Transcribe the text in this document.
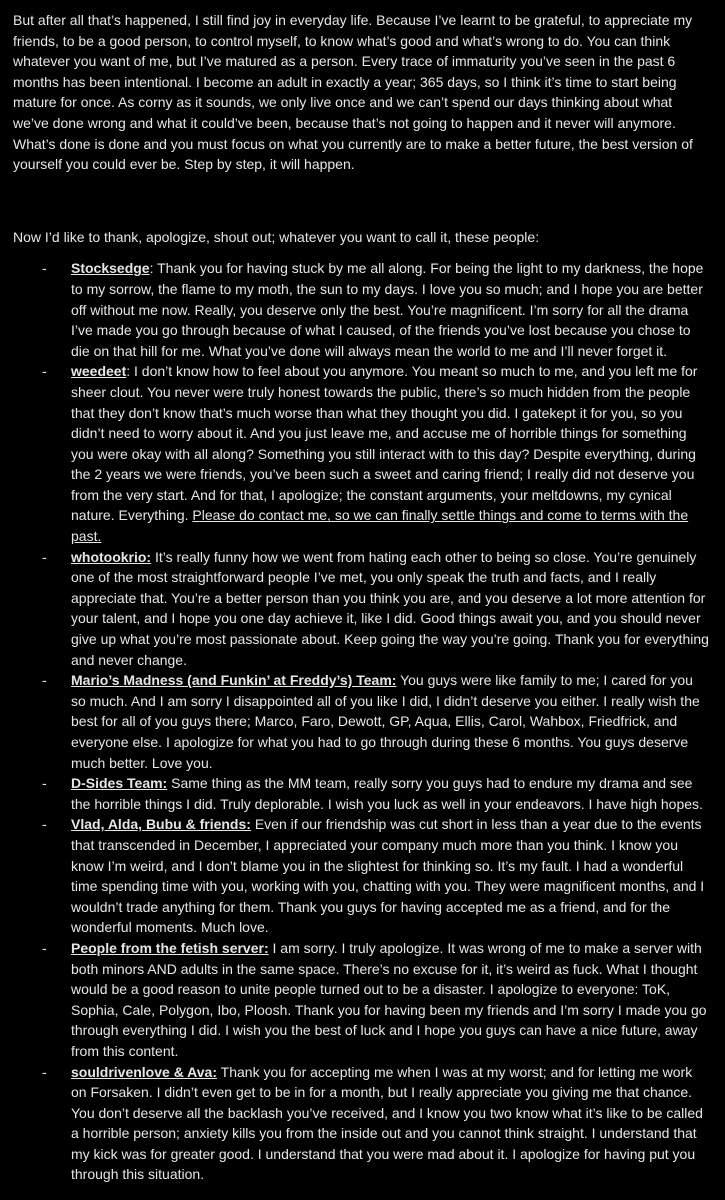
But after all that’s happened, I still find joy in everyday life. Because I’ve learnt to be grateful, to appreciate my friends, to be a good person, to control myself, to know what’s good and what’s wrong to do. You can think whatever you want of me, but I’ve matured as a person. Every trace of immaturity you’ve seen in the past 6 months has been intentional. I become an adult in exactly a year; 365 days, so I think it’s time to start being mature for once. As corny as it sounds, we only live once and we can’t spend our days thinking about what we’ve done wrong and what it could’ve been, because that’s not going to happen and it never will anymore. What’s done is done and you must focus on what you currently are to make a better future, the best version of yourself you could ever be. Step by step, it will happen.

Now I’d like to thank, apologize, shout out; whatever you want to call it, these people:

- Stocksedge: Thank you for having stuck by me all along. For being the light to my darkness, the hope to my sorrow, the flame to my moth, the sun to my days. I love you so much; and I hope you are better off without me now. Really, you deserve only the best. You’re magnificent. I’m sorry for all the drama I’ve made you go through because of what I caused, of the friends you’ve lost because you chose to die on that hill for me. What you’ve done will always mean the world to me and I’ll never forget it.
- weedeet: I don’t know how to feel about you anymore. You meant so much to me, and you left me for sheer clout. You never were truly honest towards the public, there’s so much hidden from the people that they don’t know that’s much worse than what they thought you did. I gatekept it for you, so you didn’t need to worry about it. And you just leave me, and accuse me of horrible things for something you were okay with all along? Something you still interact with to this day? Despite everything, during the 2 years we were friends, you’ve been such a sweet and caring friend; I really did not deserve you from the very start. And for that, I apologize; the constant arguments, your meltdowns, my cynical nature. Everything. Please do contact me, so we can finally settle things and come to terms with the past.
- whotookrio: It’s really funny how we went from hating each other to being so close. You’re genuinely one of the most straightforward people I’ve met, you only speak the truth and facts, and I really appreciate that. You’re a better person than you think you are, and you deserve a lot more attention for your talent, and I hope you one day achieve it, like I did. Good things await you, and you should never give up what you’re most passionate about. Keep going the way you’re going. Thank you for everything and never change.
- Mario’s Madness (and Funkin’ at Freddy’s) Team: You guys were like family to me; I cared for you so much. And I am sorry I disappointed all of you like I did, I didn’t deserve you either. I really wish the best for all of you guys there; Marco, Faro, Dewott, GP, Aqua, Ellis, Carol, Wahbox, Friedfrick, and everyone else. I apologize for what you had to go through during these 6 months. You guys deserve much better. Love you.
- D-Sides Team: Same thing as the MM team, really sorry you guys had to endure my drama and see the horrible things I did. Truly deplorable. I wish you luck as well in your endeavors. I have high hopes.
- Vlad, Alda, Bubu & friends: Even if our friendship was cut short in less than a year due to the events that transcended in December, I appreciated your company much more than you think. I know you know I’m weird, and I don’t blame you in the slightest for thinking so. It’s my fault. I had a wonderful time spending time with you, working with you, chatting with you. They were magnificent months, and I wouldn’t trade anything for them. Thank you guys for having accepted me as a friend, and for the wonderful moments. Much love.
- People from the fetish server: I am sorry. I truly apologize. It was wrong of me to make a server with both minors AND adults in the same space. There’s no excuse for it, it’s weird as fuck. What I thought would be a good reason to unite people turned out to be a disaster. I apologize to everyone: ToK, Sophia, Cale, Polygon, Ibo, Ploosh. Thank you for having been my friends and I’m sorry I made you go through everything I did. I wish you the best of luck and I hope you guys can have a nice future, away from this content.
- souldrivenlove & Ava: Thank you for accepting me when I was at my worst; and for letting me work on Forsaken. I didn’t even get to be in for a month, but I really appreciate you giving me that chance. You don’t deserve all the backlash you’ve received, and I know you two know what it’s like to be called a horrible person; anxiety kills you from the inside out and you cannot think straight. I understand that my kick was for greater good. I understand that you were mad about it. I apologize for having put you through this situation.
